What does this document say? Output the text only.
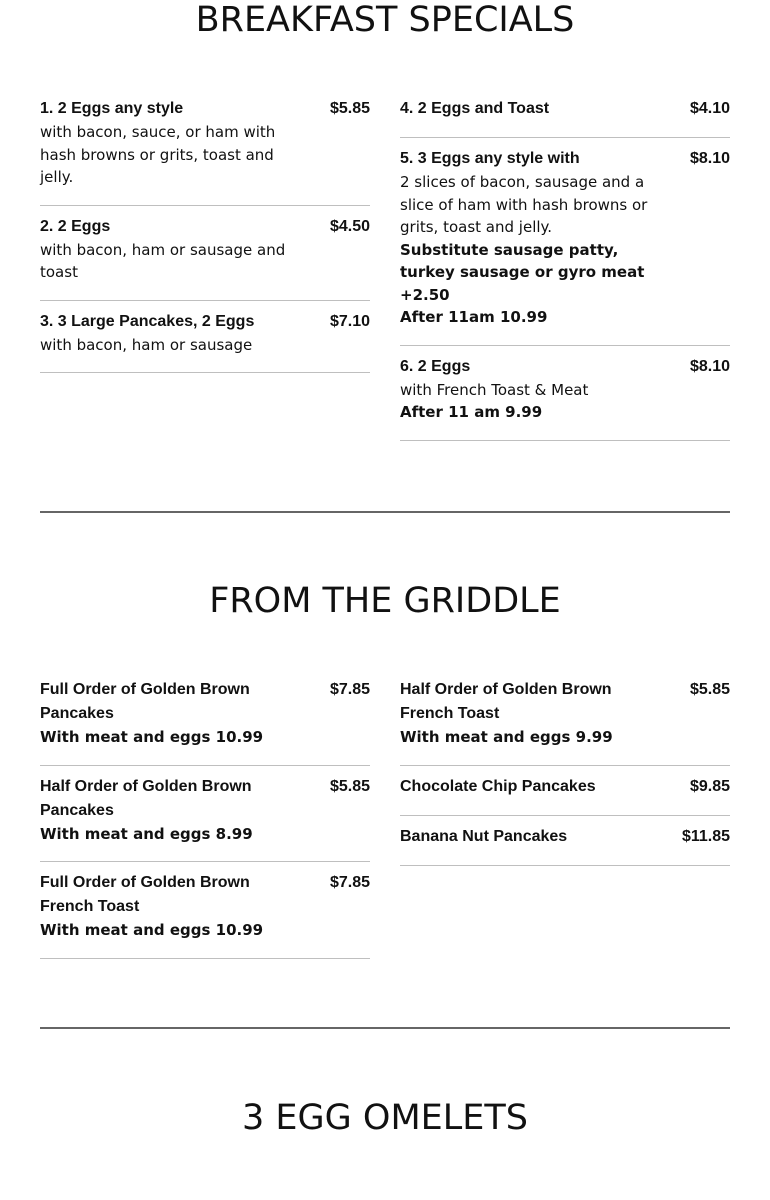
BREAKFAST SPECIALS
1. 2 Eggs any style	$5.85

with bacon, sauce, or ham with hash browns or grits, toast and jelly.

2. 2 Eggs	$4.50

with bacon, ham or sausage and toast

3. 3 Large Pancakes, 2 Eggs	$7.10

with bacon, ham or sausage

4. 2 Eggs and Toast	$4.10
5. 3 Eggs any style with	$8.10

2 slices of bacon, sausage and a slice of ham with hash browns or grits, toast and jelly.

Substitute sausage patty, turkey sausage or gyro meat +2.50

After 11am 10.99

6. 2 Eggs	$8.10

with French Toast & Meat

After 11 am 9.99

FROM THE GRIDDLE
Full Order of Golden Brown Pancakes
$7.85

With meat and eggs 10.99

Half Order of Golden Brown Pancakes
$5.85

With meat and eggs 8.99

Full Order of Golden Brown French Toast
$7.85

With meat and eggs 10.99

Half Order of Golden Brown French Toast
$5.85

With meat and eggs 9.99

Chocolate Chip Pancakes	$9.85
Banana Nut Pancakes	$11.85
3 EGG OMELETS
